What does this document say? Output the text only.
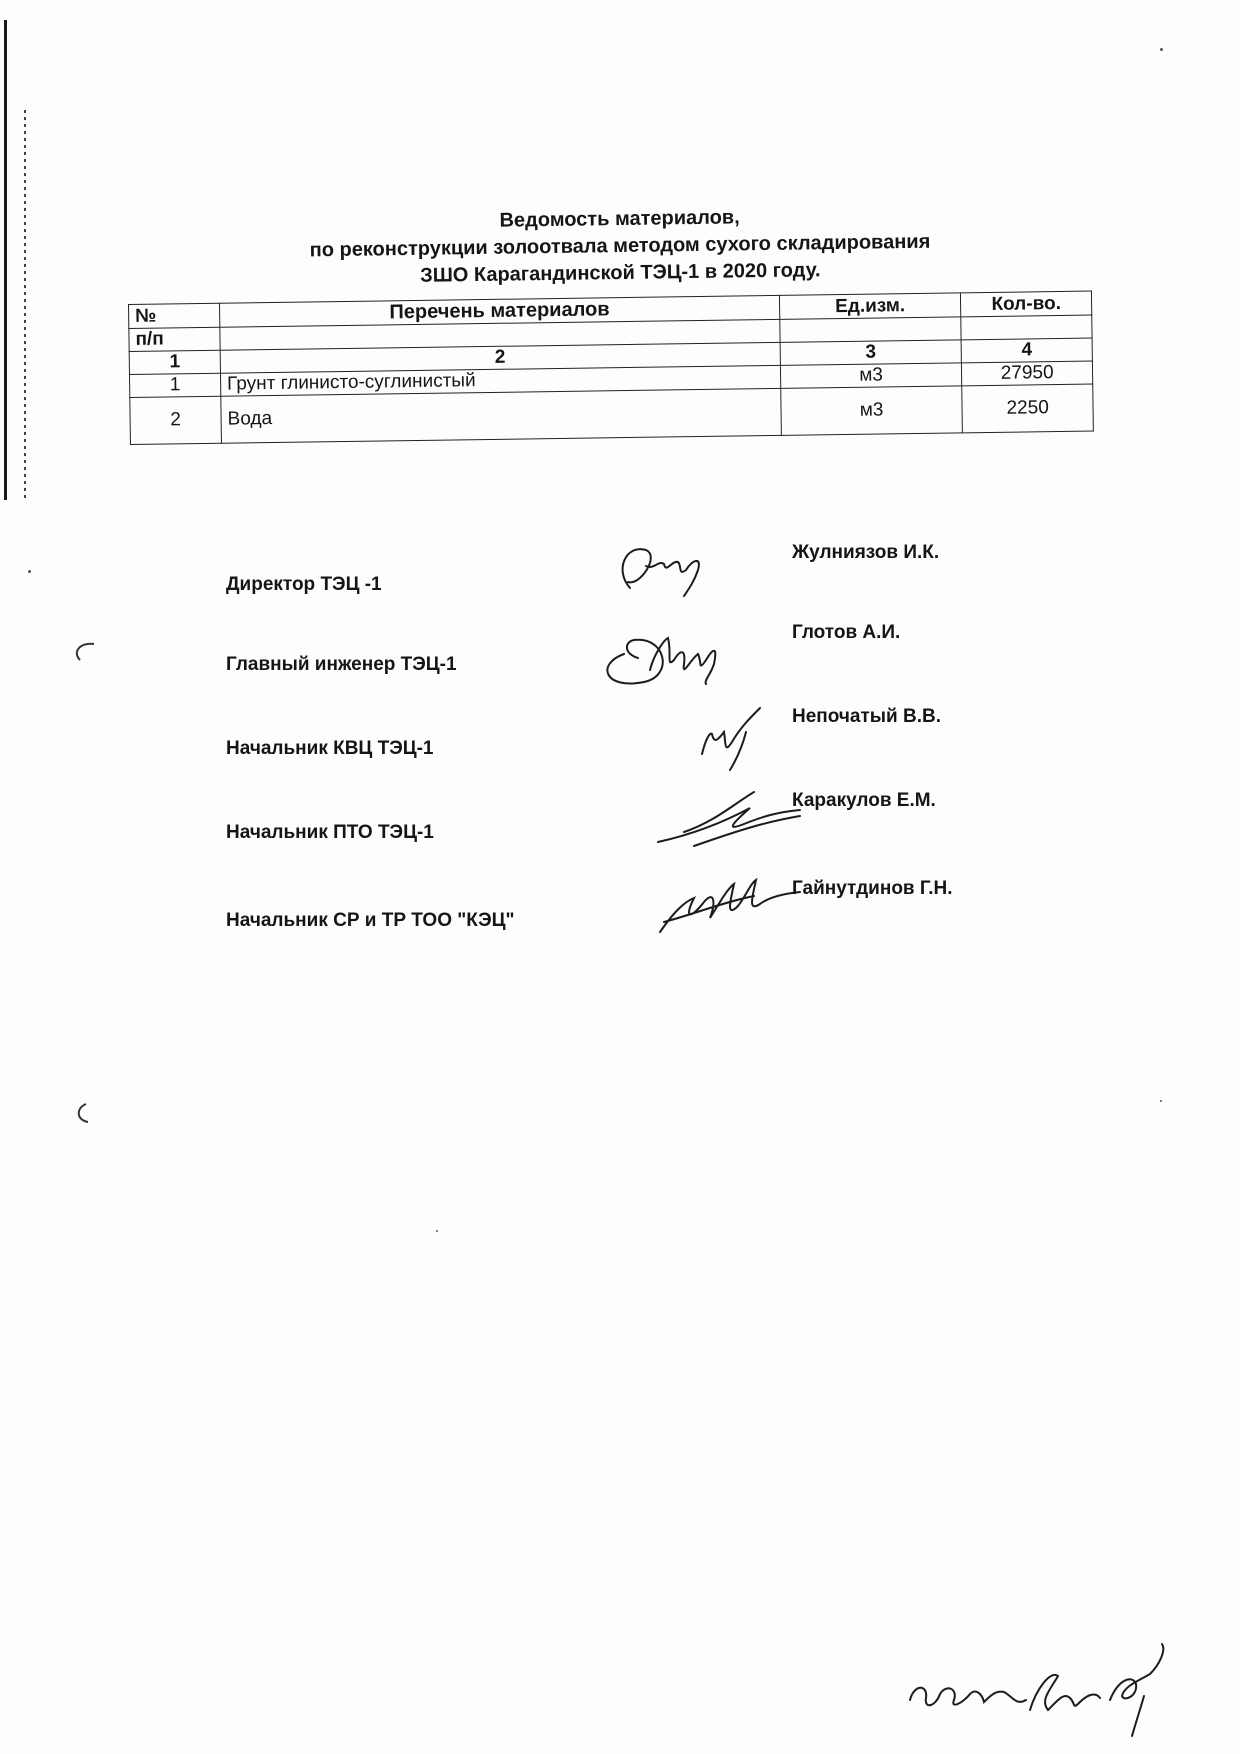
Ведомость материалов,
по реконструкции золоотвала методом сухого складирования
ЗШО Карагандинской ТЭЦ-1 в 2020 году.
№	Перечень материалов	Ед.изм.	Кол-во.
п/п			
1	2	3	4
1	Грунт глинисто-суглинистый	м3	27950
2	Вода	м3	2250
Директор ТЭЦ -1
Жулниязов И.К.
Главный инженер ТЭЦ-1
Глотов А.И.
Начальник КВЦ ТЭЦ-1
Непочатый В.В.
Начальник ПТО ТЭЦ-1
Каракулов Е.М.
Начальник СР и ТР ТОО "КЭЦ"
Гайнутдинов Г.Н.
